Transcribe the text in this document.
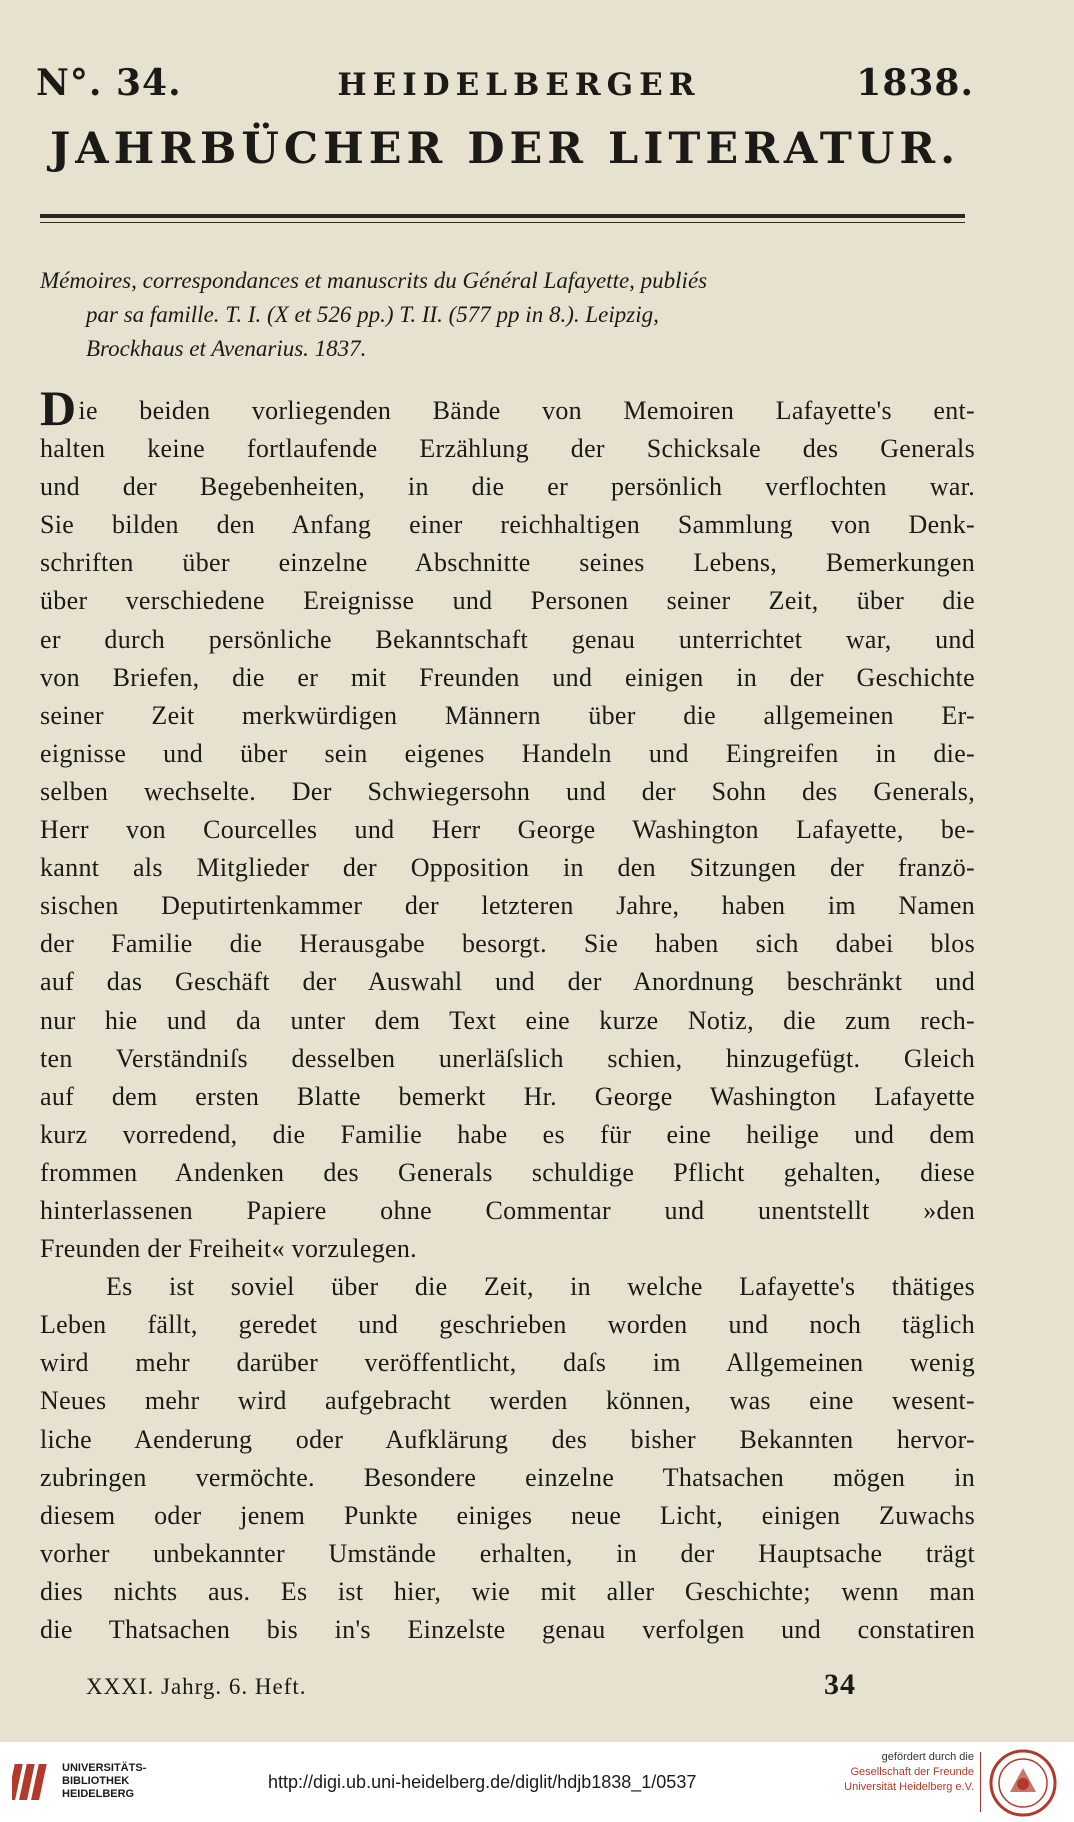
N°. 34.	HEIDELBERGER	1838.
JAHRBÜCHER DER LITERATUR.
Mémoires, correspondances et manuscrits du Général Lafayette, publiés
par sa famille. T. I. (X et 526 pp.) T. II. (577 pp in 8.). Leipzig,
Brockhaus et Avenarius. 1837.
Die beiden vorliegenden Bände von Memoiren Lafayette's ent-
halten keine fortlaufende Erzählung der Schicksale des Generals
und der Begebenheiten, in die er persönlich verflochten war.
Sie bilden den Anfang einer reichhaltigen Sammlung von Denk-
schriften über einzelne Abschnitte seines Lebens, Bemerkungen
über verschiedene Ereignisse und Personen seiner Zeit, über die
er durch persönliche Bekanntschaft genau unterrichtet war, und
von Briefen, die er mit Freunden und einigen in der Geschichte
seiner Zeit merkwürdigen Männern über die allgemeinen Er-
eignisse und über sein eigenes Handeln und Eingreifen in die-
selben wechselte. Der Schwiegersohn und der Sohn des Generals,
Herr von Courcelles und Herr George Washington Lafayette, be-
kannt als Mitglieder der Opposition in den Sitzungen der franzö-
sischen Deputirtenkammer der letzteren Jahre, haben im Namen
der Familie die Herausgabe besorgt. Sie haben sich dabei blos
auf das Geschäft der Auswahl und der Anordnung beschränkt und
nur hie und da unter dem Text eine kurze Notiz, die zum rech-
ten Verständniſs desselben unerläſslich schien, hinzugefügt. Gleich
auf dem ersten Blatte bemerkt Hr. George Washington Lafayette
kurz vorredend, die Familie habe es für eine heilige und dem
frommen Andenken des Generals schuldige Pflicht gehalten, diese
hinterlassenen Papiere ohne Commentar und unentstellt »den
Freunden der Freiheit« vorzulegen.
Es ist soviel über die Zeit, in welche Lafayette's thätiges
Leben fällt, geredet und geschrieben worden und noch täglich
wird mehr darüber veröffentlicht, daſs im Allgemeinen wenig
Neues mehr wird aufgebracht werden können, was eine wesent-
liche Aenderung oder Aufklärung des bisher Bekannten hervor-
zubringen vermöchte. Besondere einzelne Thatsachen mögen in
diesem oder jenem Punkte einiges neue Licht, einigen Zuwachs
vorher unbekannter Umstände erhalten, in der Hauptsache trägt
dies nichts aus. Es ist hier, wie mit aller Geschichte; wenn man
die Thatsachen bis in's Einzelste genau verfolgen und constatiren
XXXI. Jahrg. 6. Heft.	34
UNIVERSITÄTS-
BIBLIOTHEK
HEIDELBERG
http://digi.ub.uni-heidelberg.de/diglit/hdjb1838_1/0537
gefördert durch die
Gesellschaft der Freunde
Universität Heidelberg e.V.
